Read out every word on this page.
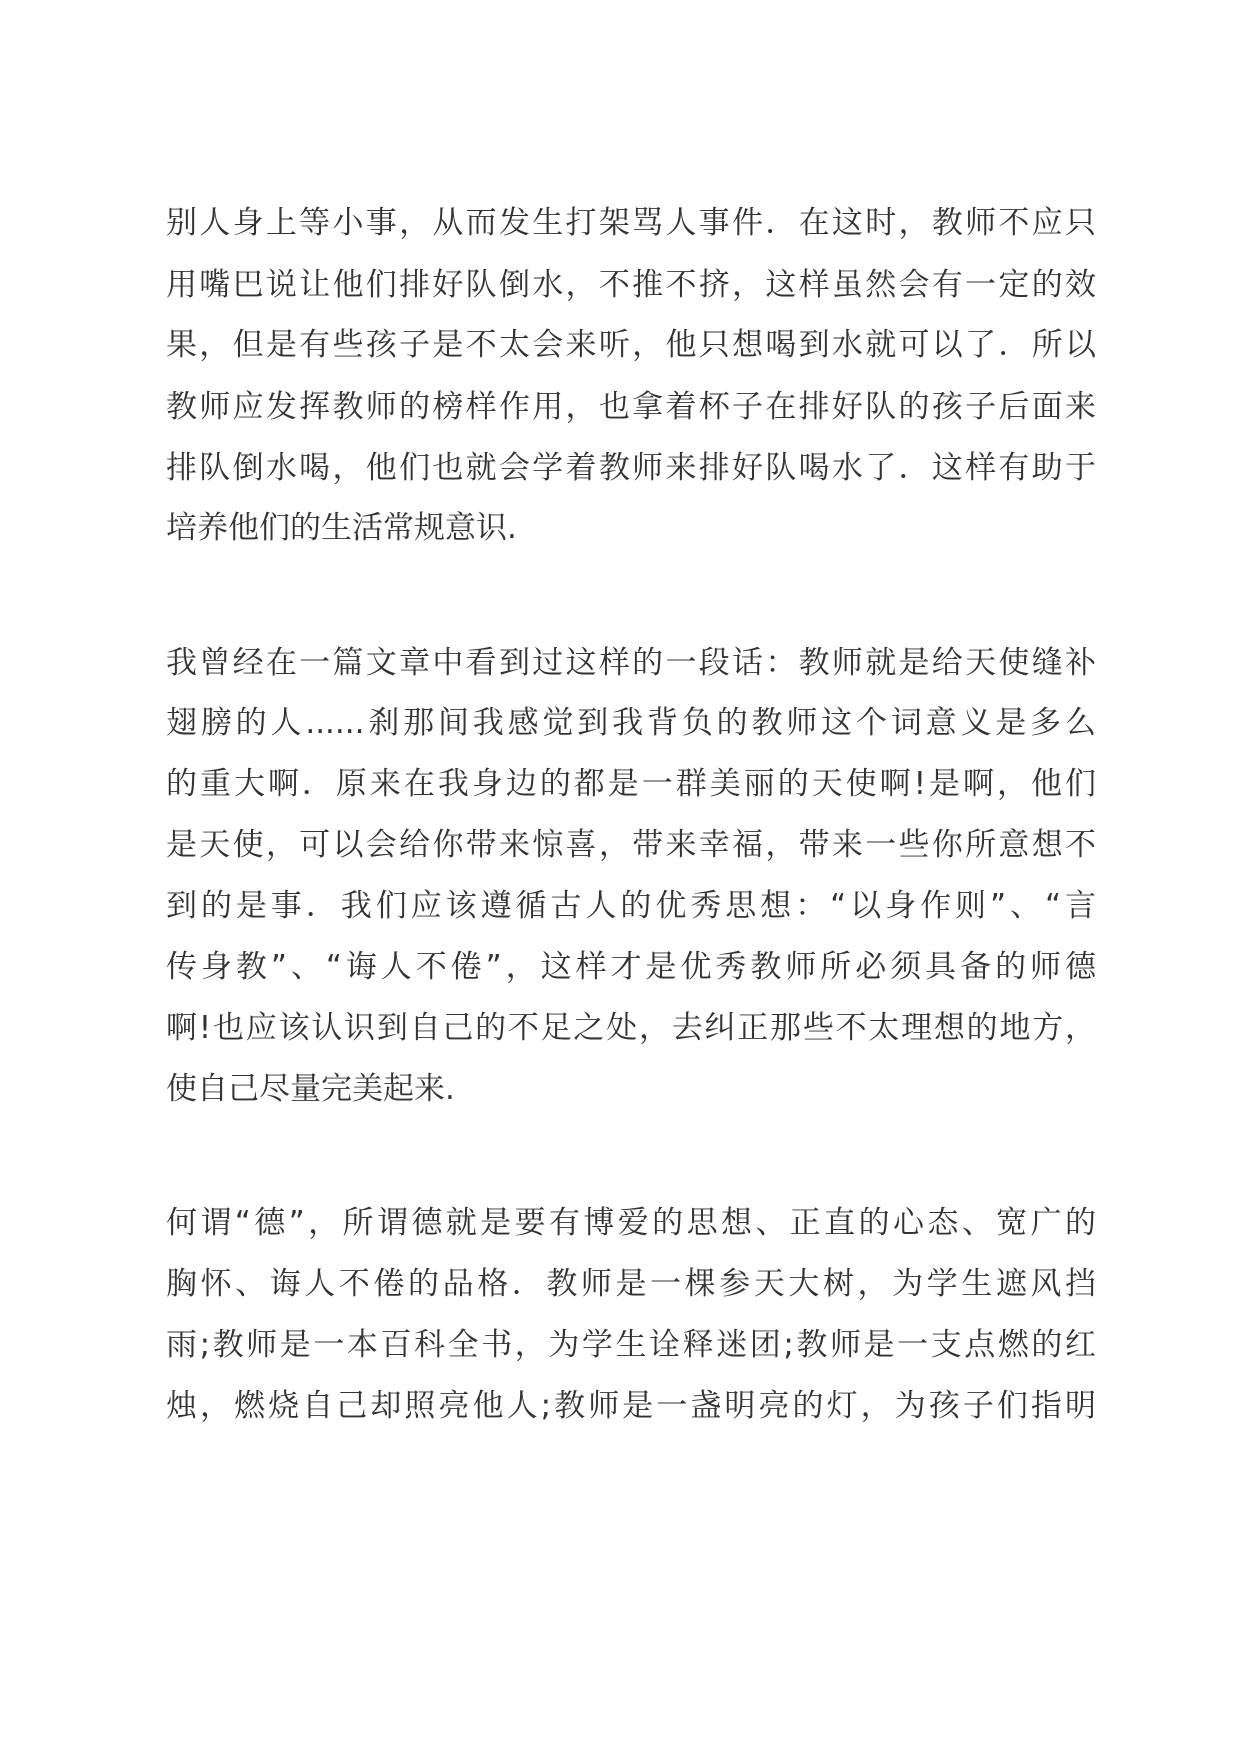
别人身上等小事，从而发生打架骂人事件．在这时，教师不应只
用嘴巴说让他们排好队倒水，不推不挤，这样虽然会有一定的效
果，但是有些孩子是不太会来听，他只想喝到水就可以了．所以
教师应发挥教师的榜样作用，也拿着杯子在排好队的孩子后面来
排队倒水喝，他们也就会学着教师来排好队喝水了．这样有助于
培养他们的生活常规意识.
我曾经在一篇文章中看到过这样的一段话：教师就是给天使缝补
翅膀的人......刹那间我感觉到我背负的教师这个词意义是多么
的重大啊．原来在我身边的都是一群美丽的天使啊!是啊，他们
是天使，可以会给你带来惊喜，带来幸福，带来一些你所意想不
到的是事．我们应该遵循古人的优秀思想：“以身作则”、“言
传身教”、“诲人不倦”，这样才是优秀教师所必须具备的师德
啊!也应该认识到自己的不足之处，去纠正那些不太理想的地方，
使自己尽量完美起来.
何谓“德”，所谓德就是要有博爱的思想、正直的心态、宽广的
胸怀、诲人不倦的品格．教师是一棵参天大树，为学生遮风挡
雨;教师是一本百科全书，为学生诠释迷团;教师是一支点燃的红
烛，燃烧自己却照亮他人;教师是一盏明亮的灯，为孩子们指明
